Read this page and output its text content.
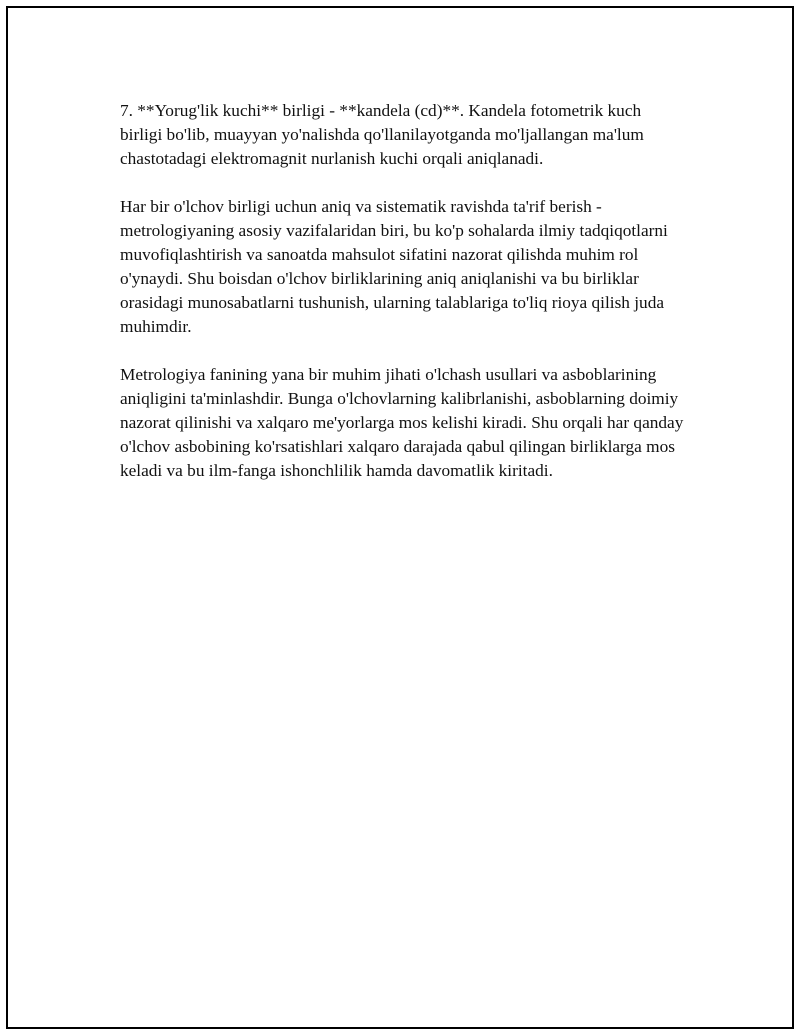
7. **Yorug'lik kuchi** birligi - **kandela (cd)**. Kandela fotometrik kuch birligi bo'lib, muayyan yo'nalishda qo'llanilayotganda mo'ljallangan ma'lum chastotadagi elektromagnit nurlanish kuchi orqali aniqlanadi.

Har bir o'lchov birligi uchun aniq va sistematik ravishda ta'rif berish - metrologiyaning asosiy vazifalaridan biri, bu ko'p sohalarda ilmiy tadqiqotlarni muvofiqlashtirish va sanoatda mahsulot sifatini nazorat qilishda muhim rol o'ynaydi. Shu boisdan o'lchov birliklarining aniq aniqlanishi va bu birliklar orasidagi munosabatlarni tushunish, ularning talablariga to'liq rioya qilish juda muhimdir.

Metrologiya fanining yana bir muhim jihati o'lchash usullari va asboblarining aniqligini ta'minlashdir. Bunga o'lchovlarning kalibrlanishi, asboblarning doimiy nazorat qilinishi va xalqaro me'yorlarga mos kelishi kiradi. Shu orqali har qanday o'lchov asbobining ko'rsatishlari xalqaro darajada qabul qilingan birliklarga mos keladi va bu ilm-fanga ishonchlilik hamda davomatlik kiritadi.
